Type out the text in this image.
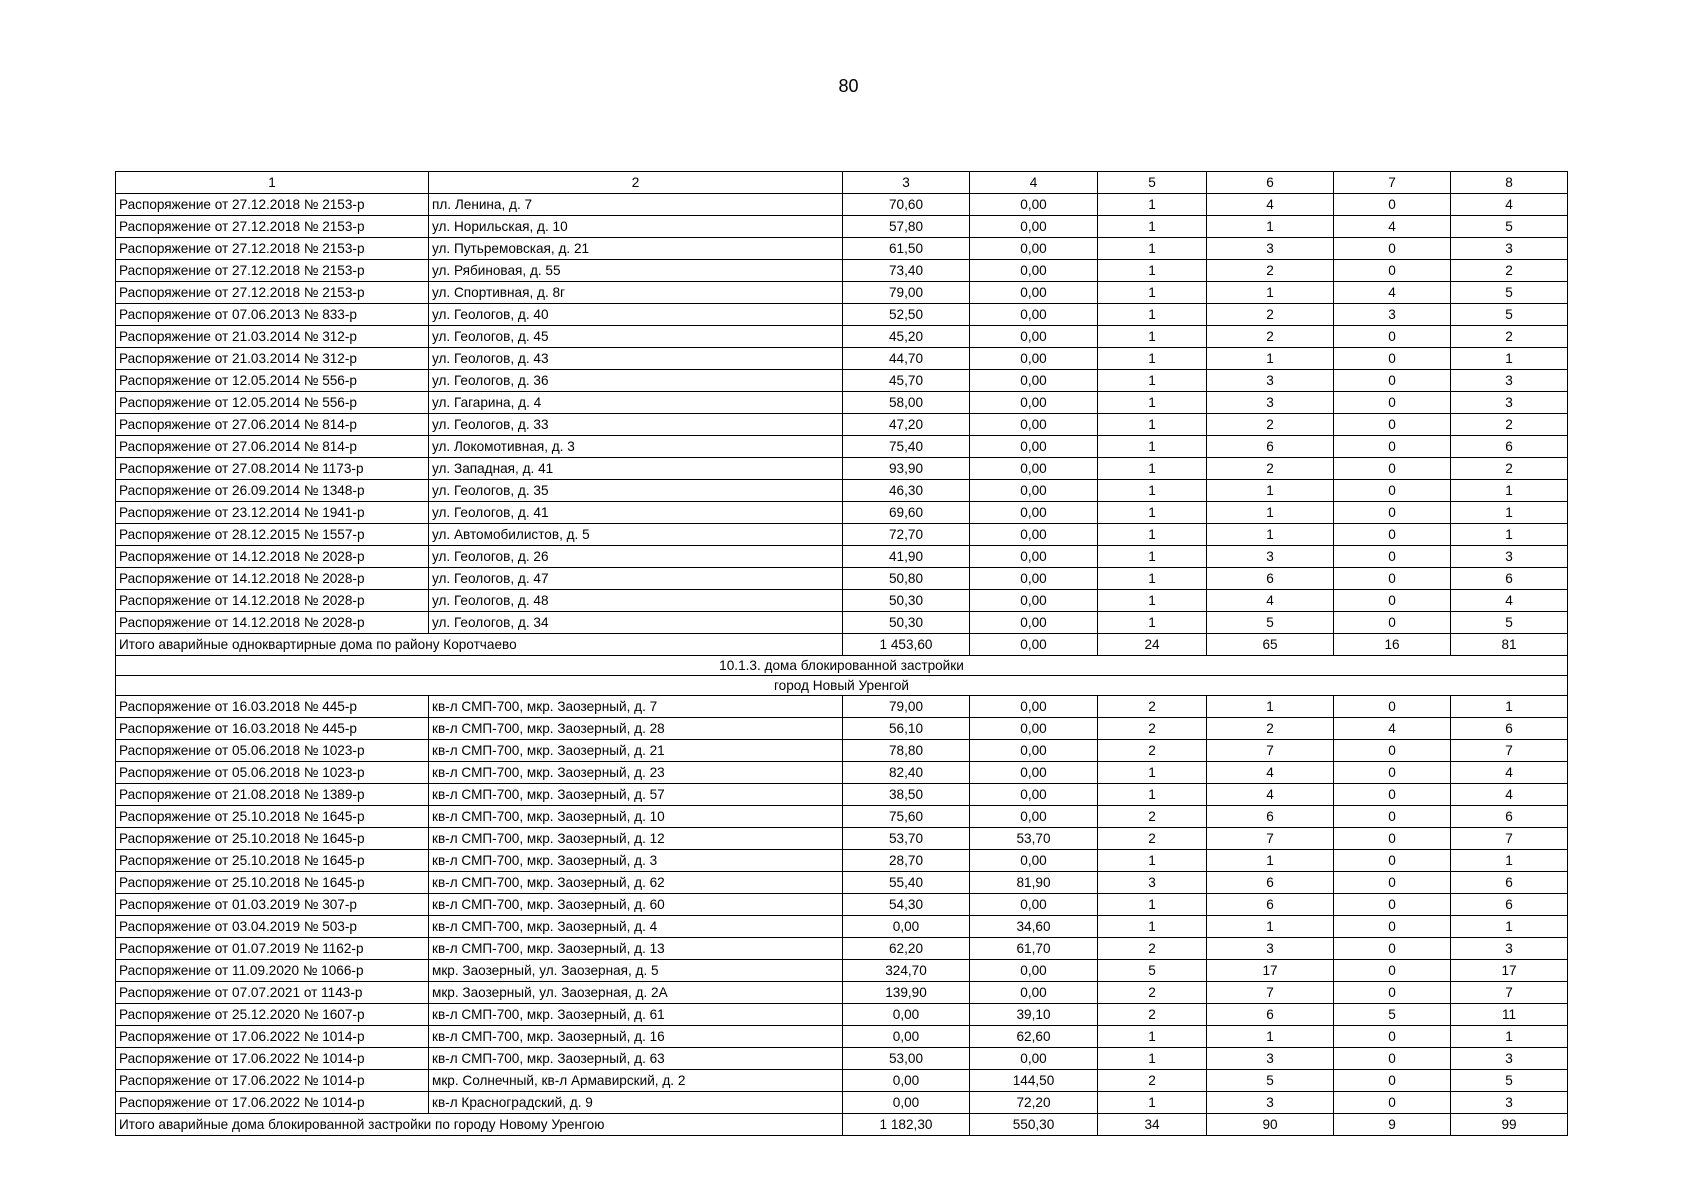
80
1	2	3	4	5	6	7	8
Распоряжение от 27.12.2018 № 2153-р	пл. Ленина, д. 7	70,60	0,00	1	4	0	4
Распоряжение от 27.12.2018 № 2153-р	ул. Норильская, д. 10	57,80	0,00	1	1	4	5
Распоряжение от 27.12.2018 № 2153-р	ул. Путьремовская, д. 21	61,50	0,00	1	3	0	3
Распоряжение от 27.12.2018 № 2153-р	ул. Рябиновая, д. 55	73,40	0,00	1	2	0	2
Распоряжение от 27.12.2018 № 2153-р	ул. Спортивная, д. 8г	79,00	0,00	1	1	4	5
Распоряжение от 07.06.2013 № 833-р	ул. Геологов, д. 40	52,50	0,00	1	2	3	5
Распоряжение от 21.03.2014 № 312-р	ул. Геологов, д. 45	45,20	0,00	1	2	0	2
Распоряжение от 21.03.2014 № 312-р	ул. Геологов, д. 43	44,70	0,00	1	1	0	1
Распоряжение от 12.05.2014 № 556-р	ул. Геологов, д. 36	45,70	0,00	1	3	0	3
Распоряжение от 12.05.2014 № 556-р	ул. Гагарина, д. 4	58,00	0,00	1	3	0	3
Распоряжение от 27.06.2014 № 814-р	ул. Геологов, д. 33	47,20	0,00	1	2	0	2
Распоряжение от 27.06.2014 № 814-р	ул. Локомотивная, д. 3	75,40	0,00	1	6	0	6
Распоряжение от 27.08.2014 № 1173-р	ул. Западная, д. 41	93,90	0,00	1	2	0	2
Распоряжение от 26.09.2014 № 1348-р	ул. Геологов, д. 35	46,30	0,00	1	1	0	1
Распоряжение от 23.12.2014 № 1941-р	ул. Геологов, д. 41	69,60	0,00	1	1	0	1
Распоряжение от 28.12.2015 № 1557-р	ул. Автомобилистов, д. 5	72,70	0,00	1	1	0	1
Распоряжение от 14.12.2018 № 2028-р	ул. Геологов, д. 26	41,90	0,00	1	3	0	3
Распоряжение от 14.12.2018 № 2028-р	ул. Геологов, д. 47	50,80	0,00	1	6	0	6
Распоряжение от 14.12.2018 № 2028-р	ул. Геологов, д. 48	50,30	0,00	1	4	0	4
Распоряжение от 14.12.2018 № 2028-р	ул. Геологов, д. 34	50,30	0,00	1	5	0	5
Итого аварийные одноквартирные дома по району Коротчаево		1 453,60	0,00	24	65	16	81
10.1.3. дома блокированной застройки							
город Новый Уренгой							
Распоряжение от 16.03.2018 № 445-р	кв-л СМП-700, мкр. Заозерный, д. 7	79,00	0,00	2	1	0	1
Распоряжение от 16.03.2018 № 445-р	кв-л СМП-700, мкр. Заозерный, д. 28	56,10	0,00	2	2	4	6
Распоряжение от 05.06.2018 № 1023-р	кв-л СМП-700, мкр. Заозерный, д. 21	78,80	0,00	2	7	0	7
Распоряжение от 05.06.2018 № 1023-р	кв-л СМП-700, мкр. Заозерный, д. 23	82,40	0,00	1	4	0	4
Распоряжение от 21.08.2018 № 1389-р	кв-л СМП-700, мкр. Заозерный, д. 57	38,50	0,00	1	4	0	4
Распоряжение от 25.10.2018 № 1645-р	кв-л СМП-700, мкр. Заозерный, д. 10	75,60	0,00	2	6	0	6
Распоряжение от 25.10.2018 № 1645-р	кв-л СМП-700, мкр. Заозерный, д. 12	53,70	53,70	2	7	0	7
Распоряжение от 25.10.2018 № 1645-р	кв-л СМП-700, мкр. Заозерный, д. 3	28,70	0,00	1	1	0	1
Распоряжение от 25.10.2018 № 1645-р	кв-л СМП-700, мкр. Заозерный, д. 62	55,40	81,90	3	6	0	6
Распоряжение от 01.03.2019 № 307-р	кв-л СМП-700, мкр. Заозерный, д. 60	54,30	0,00	1	6	0	6
Распоряжение от 03.04.2019 № 503-р	кв-л СМП-700, мкр. Заозерный, д. 4	0,00	34,60	1	1	0	1
Распоряжение от 01.07.2019 № 1162-р	кв-л СМП-700, мкр. Заозерный, д. 13	62,20	61,70	2	3	0	3
Распоряжение от 11.09.2020 № 1066-р	мкр. Заозерный, ул. Заозерная, д. 5	324,70	0,00	5	17	0	17
Распоряжение от 07.07.2021 от 1143-р	мкр. Заозерный, ул. Заозерная, д. 2А	139,90	0,00	2	7	0	7
Распоряжение от 25.12.2020 № 1607-р	кв-л СМП-700, мкр. Заозерный, д. 61	0,00	39,10	2	6	5	11
Распоряжение от 17.06.2022 № 1014-р	кв-л СМП-700, мкр. Заозерный, д. 16	0,00	62,60	1	1	0	1
Распоряжение от 17.06.2022 № 1014-р	кв-л СМП-700, мкр. Заозерный, д. 63	53,00	0,00	1	3	0	3
Распоряжение от 17.06.2022 № 1014-р	мкр. Солнечный, кв-л Армавирский, д. 2	0,00	144,50	2	5	0	5
Распоряжение от 17.06.2022 № 1014-р	кв-л Красноградский, д. 9	0,00	72,20	1	3	0	3
Итого аварийные дома блокированной застройки по городу Новому Уренгою		1 182,30	550,30	34	90	9	99
